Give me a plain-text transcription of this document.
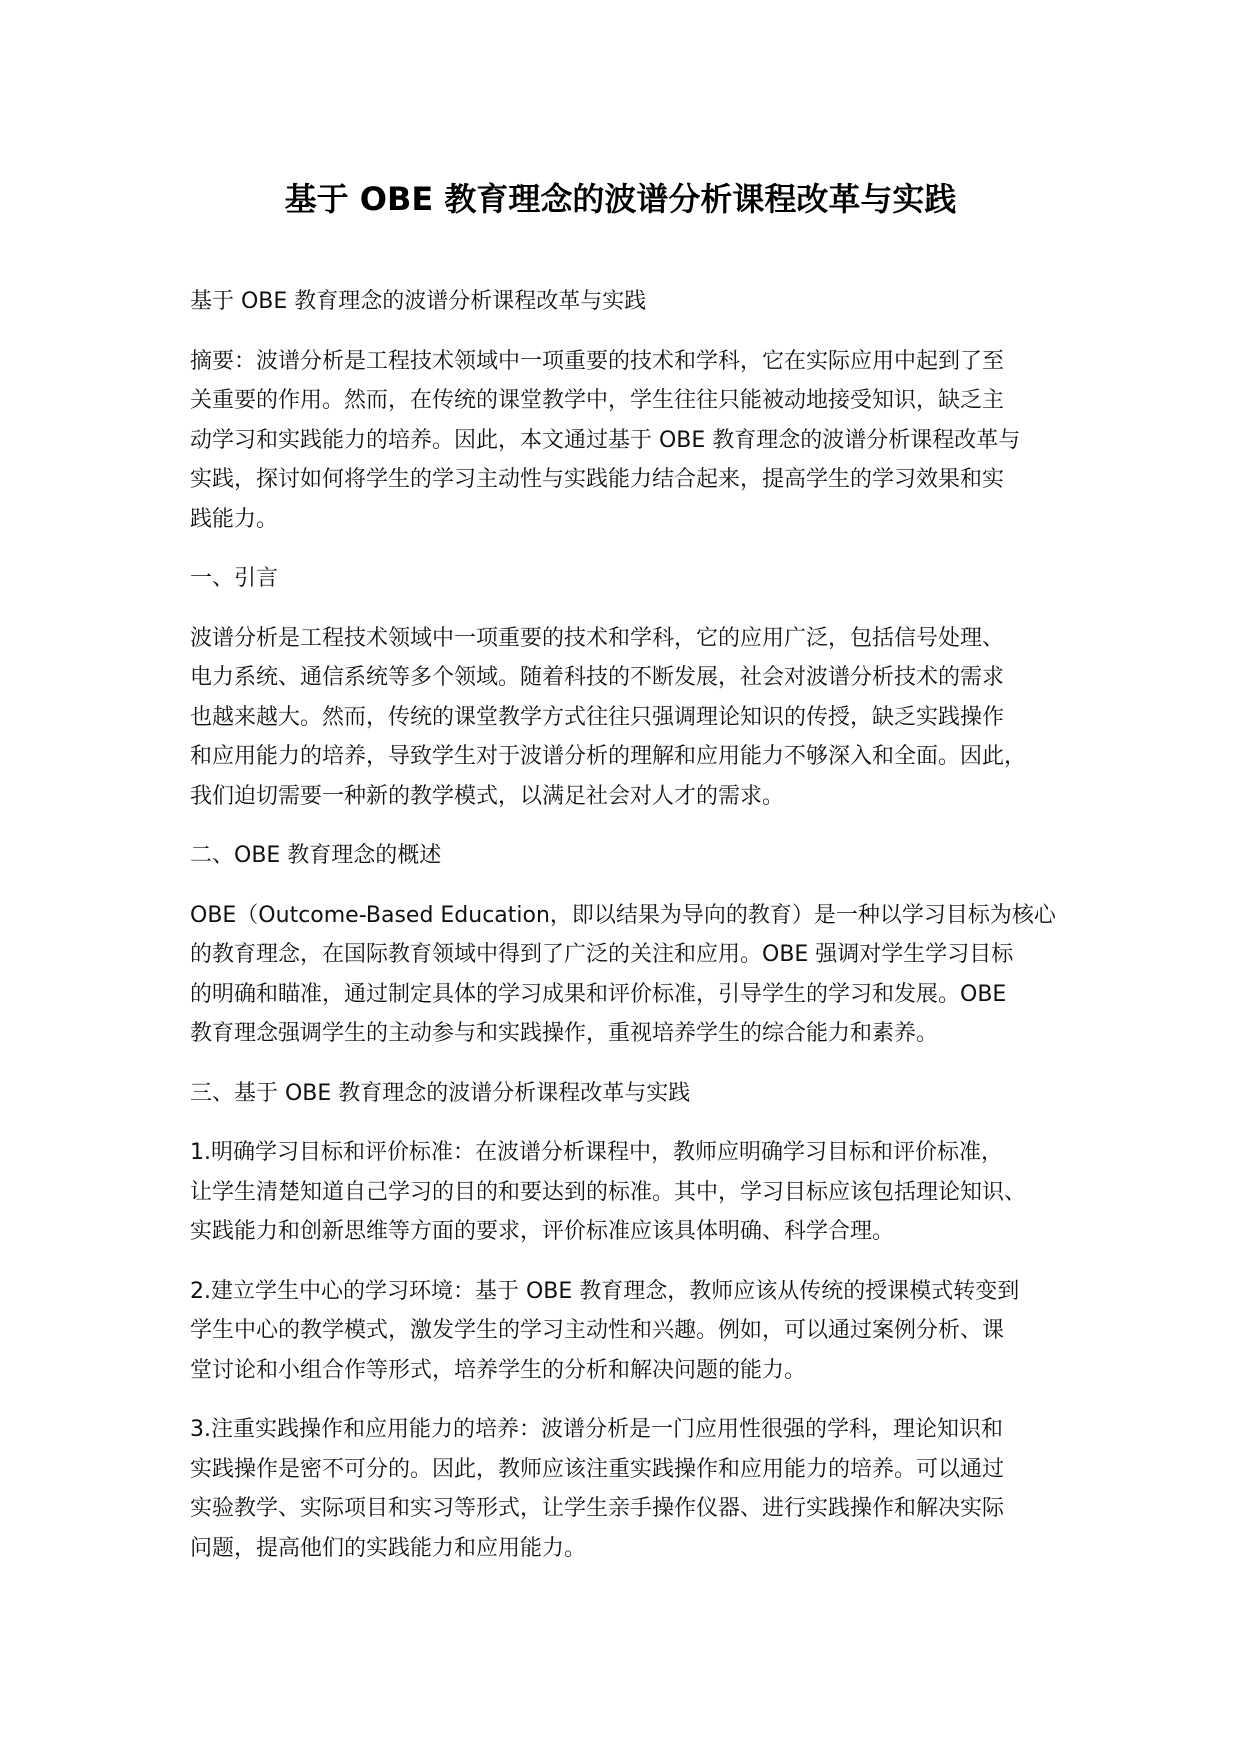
基于 OBE 教育理念的波谱分析课程改革与实践

基于 OBE 教育理念的波谱分析课程改革与实践

摘要：波谱分析是工程技术领域中一项重要的技术和学科，它在实际应用中起到了至
关重要的作用。然而，在传统的课堂教学中，学生往往只能被动地接受知识，缺乏主
动学习和实践能力的培养。因此，本文通过基于 OBE 教育理念的波谱分析课程改革与
实践，探讨如何将学生的学习主动性与实践能力结合起来，提高学生的学习效果和实
践能力。

一、引言

波谱分析是工程技术领域中一项重要的技术和学科，它的应用广泛，包括信号处理、
电力系统、通信系统等多个领域。随着科技的不断发展，社会对波谱分析技术的需求
也越来越大。然而，传统的课堂教学方式往往只强调理论知识的传授，缺乏实践操作
和应用能力的培养，导致学生对于波谱分析的理解和应用能力不够深入和全面。因此，
我们迫切需要一种新的教学模式，以满足社会对人才的需求。

二、OBE 教育理念的概述

OBE（Outcome-Based Education，即以结果为导向的教育）是一种以学习目标为核心
的教育理念，在国际教育领域中得到了广泛的关注和应用。OBE 强调对学生学习目标
的明确和瞄准，通过制定具体的学习成果和评价标准，引导学生的学习和发展。OBE
教育理念强调学生的主动参与和实践操作，重视培养学生的综合能力和素养。

三、基于 OBE 教育理念的波谱分析课程改革与实践

1.明确学习目标和评价标准：在波谱分析课程中，教师应明确学习目标和评价标准，
让学生清楚知道自己学习的目的和要达到的标准。其中，学习目标应该包括理论知识、
实践能力和创新思维等方面的要求，评价标准应该具体明确、科学合理。

2.建立学生中心的学习环境：基于 OBE 教育理念，教师应该从传统的授课模式转变到
学生中心的教学模式，激发学生的学习主动性和兴趣。例如，可以通过案例分析、课
堂讨论和小组合作等形式，培养学生的分析和解决问题的能力。

3.注重实践操作和应用能力的培养：波谱分析是一门应用性很强的学科，理论知识和
实践操作是密不可分的。因此，教师应该注重实践操作和应用能力的培养。可以通过
实验教学、实际项目和实习等形式，让学生亲手操作仪器、进行实践操作和解决实际
问题，提高他们的实践能力和应用能力。
